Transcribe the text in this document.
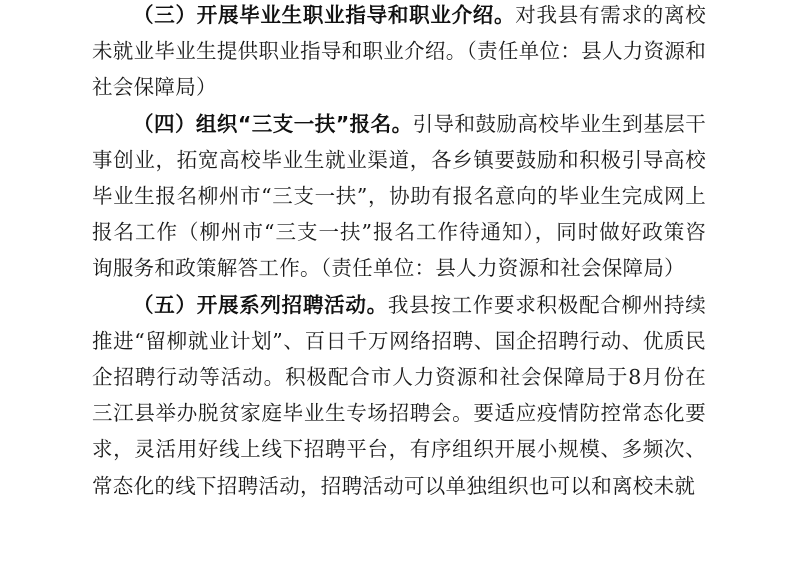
（三）开展毕业生职业指导和职业介绍。对我县有需求的离校未就业毕业生提供职业指导和职业介绍。（责任单位：县人力资源和社会保障局）

（四）组织“三支一扶”报名。引导和鼓励高校毕业生到基层干事创业，拓宽高校毕业生就业渠道，各乡镇要鼓励和积极引导高校毕业生报名柳州市“三支一扶”，协助有报名意向的毕业生完成网上报名工作（柳州市“三支一扶”报名工作待通知），同时做好政策咨询服务和政策解答工作。（责任单位：县人力资源和社会保障局）

（五）开展系列招聘活动。我县按工作要求积极配合柳州持续推进“留柳就业计划”、百日千万网络招聘、国企招聘行动、优质民企招聘行动等活动。积极配合市人力资源和社会保障局于8月份在三江县举办脱贫家庭毕业生专场招聘会。要适应疫情防控常态化要求，灵活用好线上线下招聘平台，有序组织开展小规模、多频次、常态化的线下招聘活动，招聘活动可以单独组织也可以和离校未就
